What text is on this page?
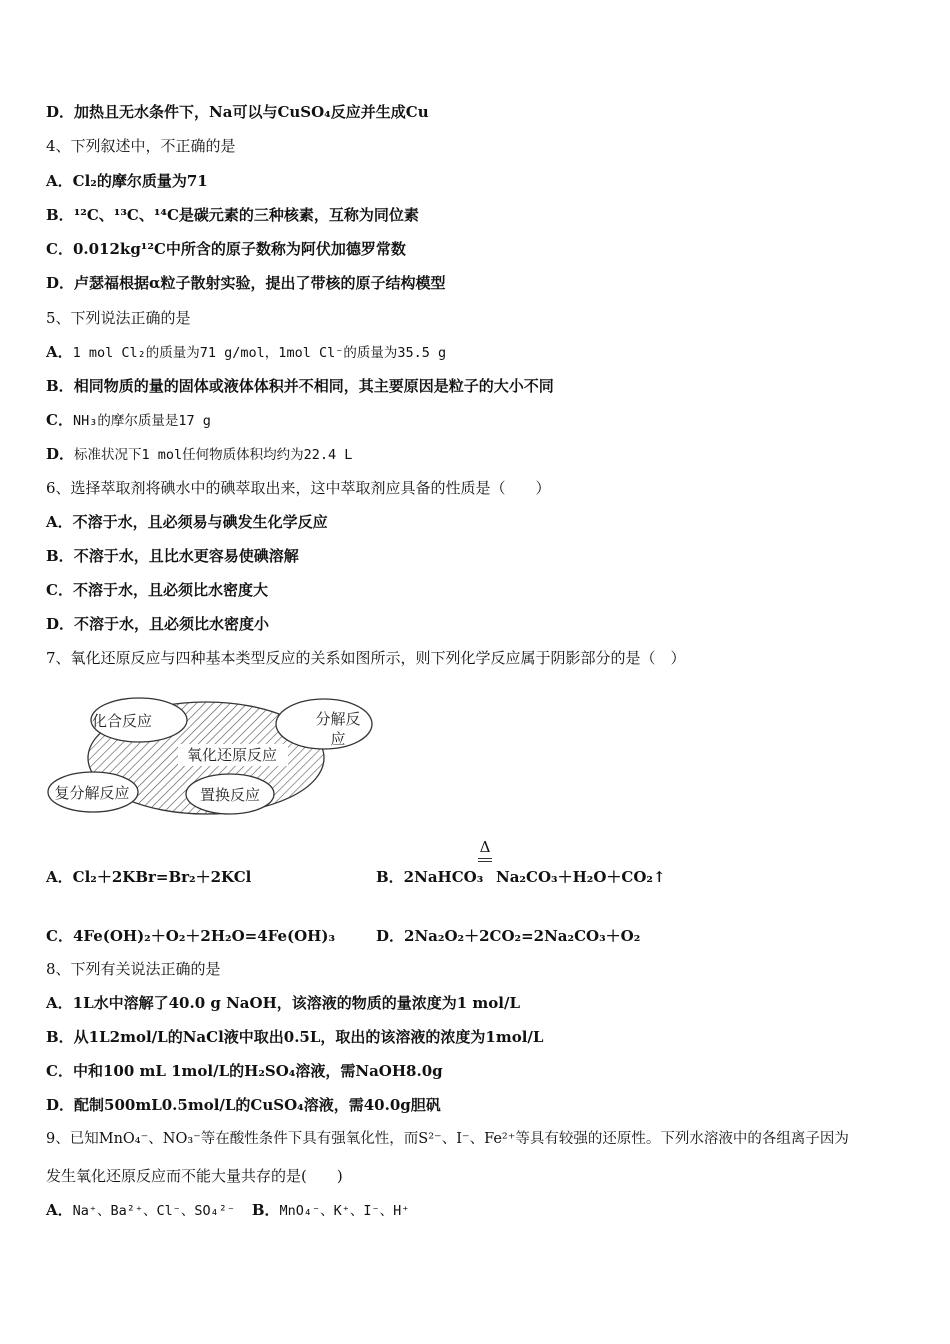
D．加热且无水条件下，Na可以与CuSO₄反应并生成Cu
4、下列叙述中，不正确的是
A．Cl₂的摩尔质量为71
B．¹²C、¹³C、¹⁴C是碳元素的三种核素，互称为同位素
C．0.012kg¹²C中所含的原子数称为阿伏加德罗常数
D．卢瑟福根据α粒子散射实验，提出了带核的原子结构模型
5、下列说法正确的是
A．1 mol Cl₂的质量为71 g/mol，1mol Cl⁻的质量为35.5 g
B．相同物质的量的固体或液体体积并不相同，其主要原因是粒子的大小不同
C．NH₃的摩尔质量是17 g
D．标准状况下1 mol任何物质体积均约为22.4 L
6、选择萃取剂将碘水中的碘萃取出来，这中萃取剂应具备的性质是（　　）
A．不溶于水，且必须易与碘发生化学反应
B．不溶于水，且比水更容易使碘溶解
C．不溶于水，且必须比水密度大
D．不溶于水，且必须比水密度小
7、氧化还原反应与四种基本类型反应的关系如图所示，则下列化学反应属于阴影部分的是（　）
化合反应	分解反
应
氧化还原反应
复分解反应	置换反应
A．Cl₂＋2KBr=Br₂＋2KCl	B．2NaHCO₃
Δ
Na₂CO₃＋H₂O＋CO₂↑
C．4Fe(OH)₂＋O₂＋2H₂O=4Fe(OH)₃	D．2Na₂O₂＋2CO₂=2Na₂CO₃＋O₂
8、下列有关说法正确的是
A．1L水中溶解了40.0 g NaOH，该溶液的物质的量浓度为1 mol/L
B．从1L2mol/L的NaCl液中取出0.5L，取出的该溶液的浓度为1mol/L
C．中和100 mL 1mol/L的H₂SO₄溶液，需NaOH8.0g
D．配制500mL0.5mol/L的CuSO₄溶液，需40.0g胆矾
9、已知MnO₄⁻、NO₃⁻等在酸性条件下具有强氧化性，而S²⁻、I⁻、Fe²⁺等具有较强的还原性。下列水溶液中的各组离子因为
发生氧化还原反应而不能大量共存的是(　　)
A．Na⁺、Ba²⁺、Cl⁻、SO₄²⁻ B．MnO₄⁻、K⁺、I⁻、H⁺
